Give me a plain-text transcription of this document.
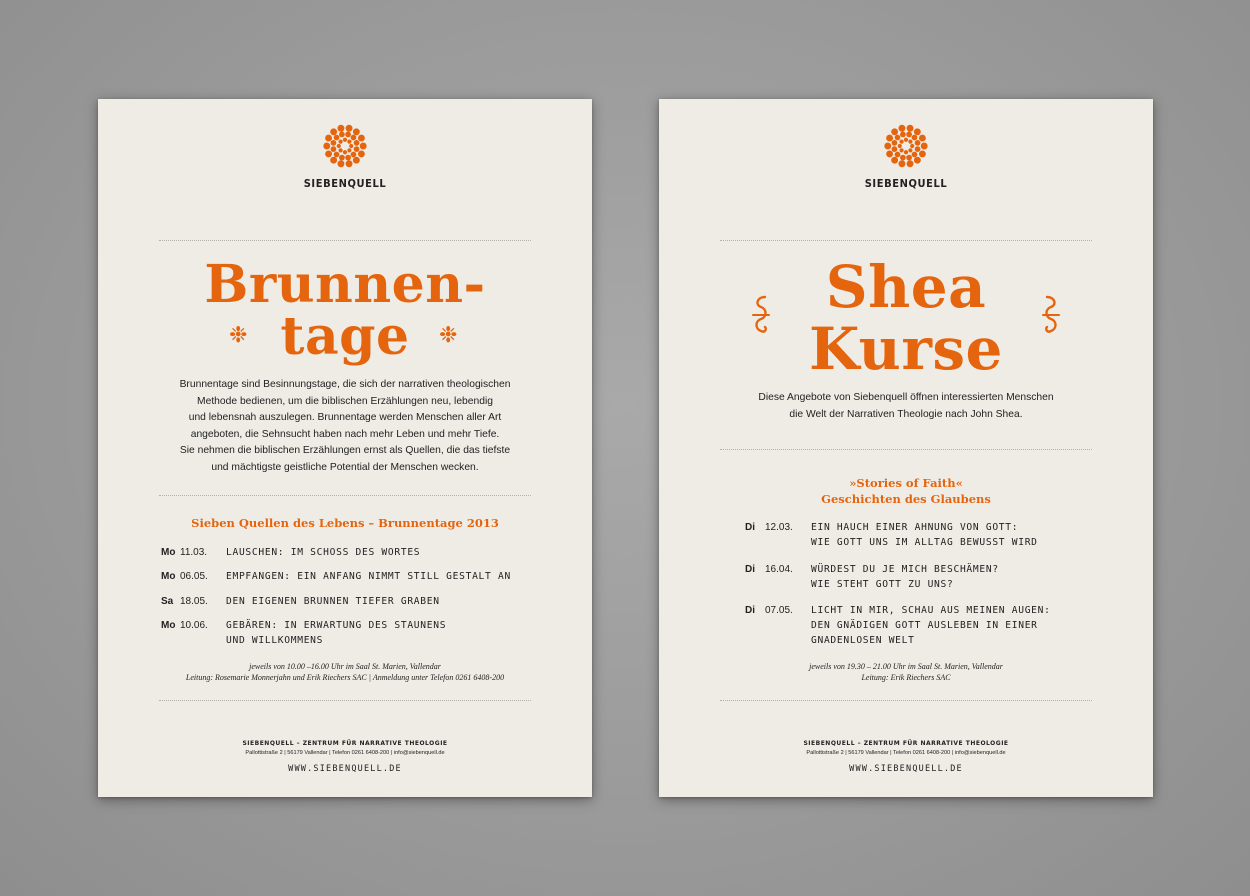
SIEBENQUELL
Brunnen-
tage
❉	❉
Brunnentage sind Besinnungstage, die sich der narrativen theologischen
Methode bedienen, um die biblischen Erzählungen neu, lebendig
und lebensnah auszulegen. Brunnentage werden Menschen aller Art
angeboten, die Sehnsucht haben nach mehr Leben und mehr Tiefe.
Sie nehmen die biblischen Erzählungen ernst als Quellen, die das tiefste
und mächtigste geistliche Potential der Menschen wecken.
Sieben Quellen des Lebens – Brunnentage 2013
Mo 11.03. LAUSCHEN: IM SCHOSS DES WORTES
Mo 06.05. EMPFANGEN: EIN ANFANG NIMMT STILL GESTALT AN
Sa 18.05. DEN EIGENEN BRUNNEN TIEFER GRABEN
Mo 10.06. GEBÄREN: IN ERWARTUNG DES STAUNENS
UND WILLKOMMENS
jeweils von 10.00 –16.00 Uhr im Saal St. Marien, Vallendar
Leitung: Rosemarie Monnerjahn und Erik Riechers SAC | Anmeldung unter Telefon 0261 6408-200
SIEBENQUELL – ZENTRUM FÜR NARRATIVE THEOLOGIE
Pallottistraße 2 | 56179 Vallendar | Telefon 0261 6408-200 | info@siebenquell.de
WWW.SIEBENQUELL.DE
SIEBENQUELL
Shea
Kurse
Diese Angebote von Siebenquell öffnen interessierten Menschen
die Welt der Narrativen Theologie nach John Shea.
»Stories of Faith«
Geschichten des Glaubens
Di 12.03. EIN HAUCH EINER AHNUNG VON GOTT:
WIE GOTT UNS IM ALLTAG BEWUSST WIRD
Di 16.04. WÜRDEST DU JE MICH BESCHÄMEN?
WIE STEHT GOTT ZU UNS?
Di 07.05. LICHT IN MIR, SCHAU AUS MEINEN AUGEN:
DEN GNÄDIGEN GOTT AUSLEBEN IN EINER
GNADENLOSEN WELT
jeweils von 19.30 – 21.00 Uhr im Saal St. Marien, Vallendar
Leitung: Erik Riechers SAC
SIEBENQUELL – ZENTRUM FÜR NARRATIVE THEOLOGIE
Pallottistraße 2 | 56179 Vallendar | Telefon 0261 6408-200 | info@siebenquell.de
WWW.SIEBENQUELL.DE
